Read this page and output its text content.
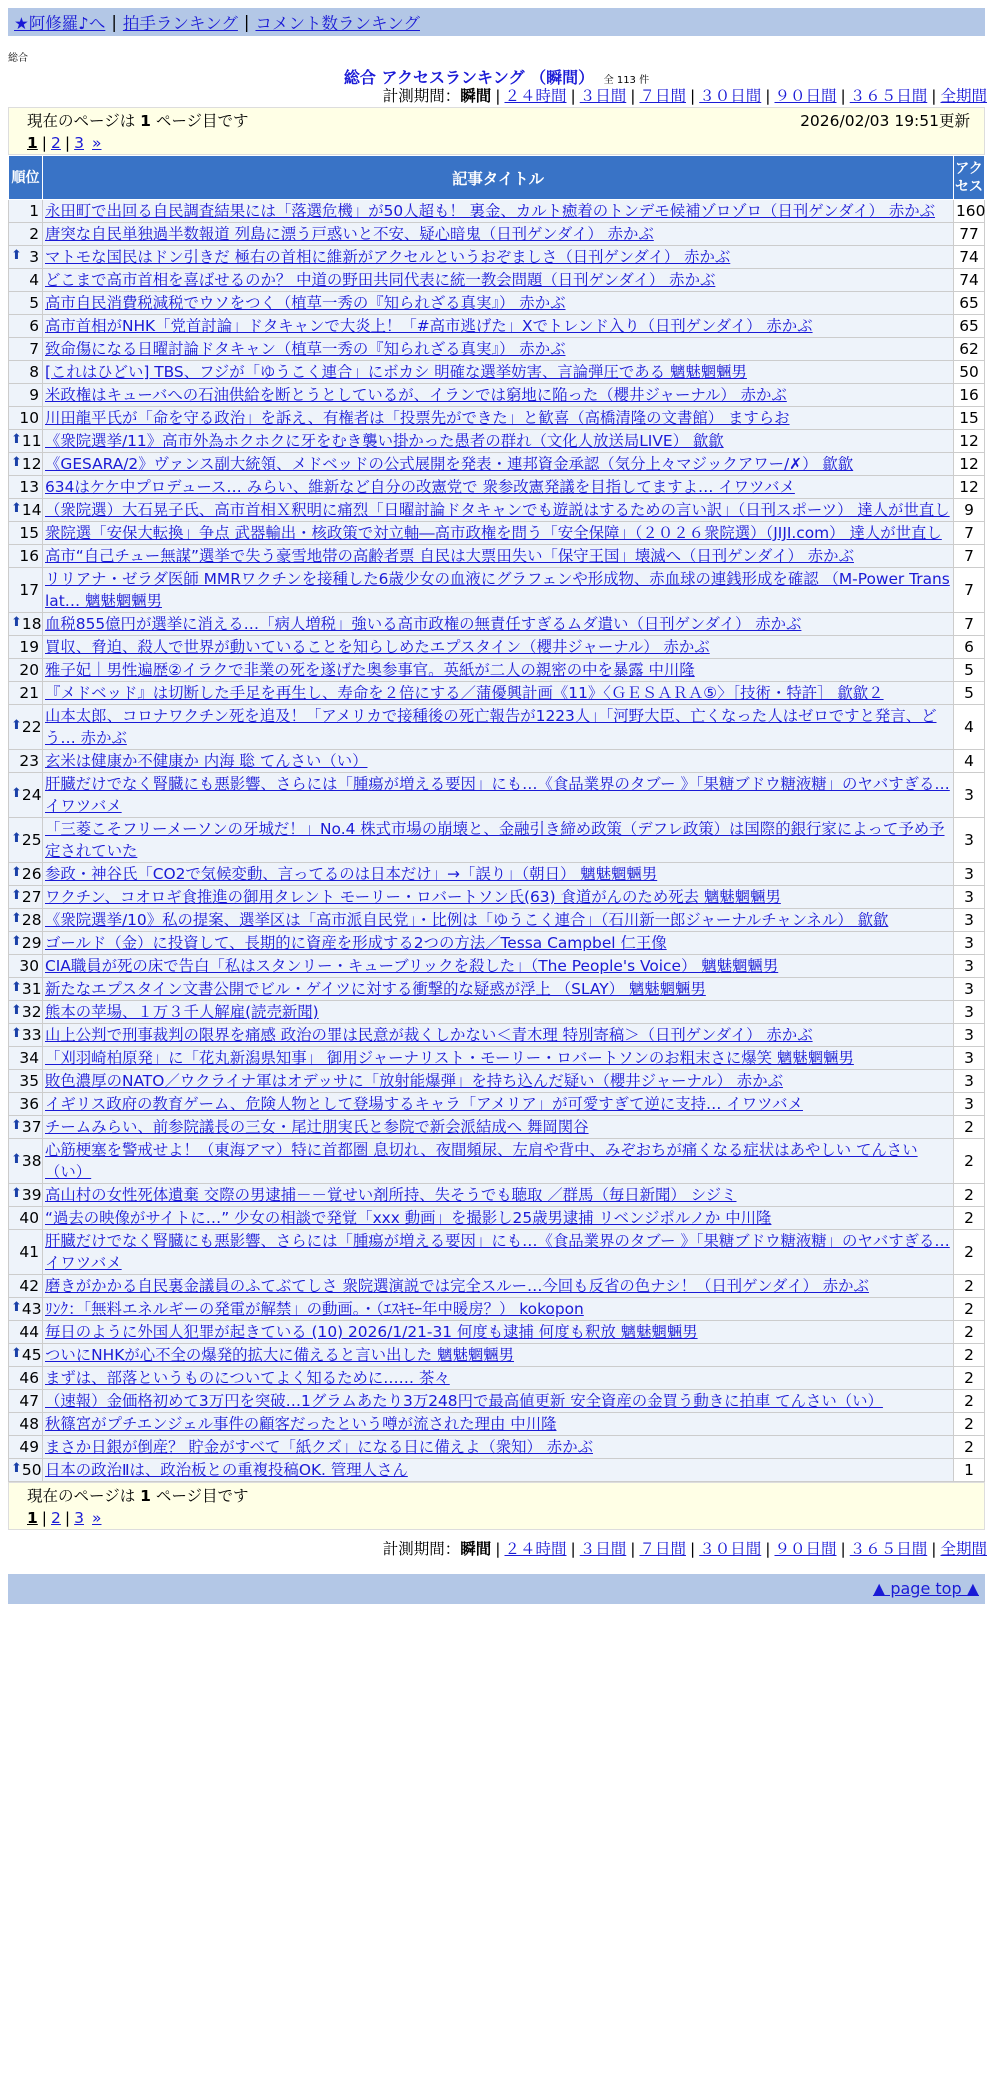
★阿修羅♪へ | 拍手ランキング | コメント数ランキング
総合
総合 アクセスランキング （瞬間） 全 113 件
計測期間：瞬間 | ２４時間 | ３日間 | ７日間 | ３０日間 | ９０日間 | ３６５日間 | 全期間
現在のページは 1 ページ目です	2026/02/03 19:51更新
1 | 2 | 3 »
順位	記事タイトル	アクセス
1	永田町で出回る自民調査結果には「落選危機」が50人超も！ 裏金、カルト癒着のトンデモ候補ゾロゾロ（日刊ゲンダイ） 赤かぶ	160
2	唐突な自民単独過半数報道 列島に漂う戸惑いと不安、疑心暗鬼（日刊ゲンダイ） 赤かぶ	77

⬆ 3	マトモな国民はドン引きだ 極右の首相に維新がアクセルというおぞましさ（日刊ゲンダイ） 赤かぶ	74
4	どこまで高市首相を喜ばせるのか？ 中道の野田共同代表に統一教会問題（日刊ゲンダイ） 赤かぶ	74
5	高市自民消費税減税でウソをつく（植草一秀の『知られざる真実』） 赤かぶ	65
6	高市首相がNHK「党首討論」ドタキャンで大炎上！「#高市逃げた」Xでトレンド入り（日刊ゲンダイ） 赤かぶ	65
7	致命傷になる日曜討論ドタキャン（植草一秀の『知られざる真実』） 赤かぶ	62
8	[これはひどい] TBS、フジが「ゆうこく連合」にボカシ 明確な選挙妨害、言論弾圧である 魑魅魍魎男	50
9	米政権はキューバへの石油供給を断とうとしているが、イランでは窮地に陥った（櫻井ジャーナル） 赤かぶ	16
10	川田龍平氏が「命を守る政治」を訴え、有権者は「投票先ができた」と歓喜（高橋清隆の文書館） ますらお	15

⬆ 11	《衆院選挙/11》高市外為ホクホクに牙をむき襲い掛かった愚者の群れ（文化人放送局LIVE） 歙歙	12

⬆ 12	《GESARA/2》ヴァンス副大統領、メドベッドの公式展開を発表・連邦資金承認（気分上々マジックアワー/✗） 歙歙	12
13	634はケケ中プロデュース… みらい、維新など自分の改憲党で 衆参改憲発議を目指してますよ… イワツバメ	12

⬆ 14	（衆院選）大石晃子氏、高市首相Ｘ釈明に痛烈「日曜討論ドタキャンでも遊説はするための言い訳」（日刊スポーツ） 達人が世直し	9
15	衆院選「安保大転換」争点 武器輸出・核政策で対立軸―高市政権を問う「安全保障」（２０２６衆院選）（JIJI.com） 達人が世直し	7
16	高市“自己チュー無謀”選挙で失う豪雪地帯の高齢者票 自民は大票田失い「保守王国」壊滅へ（日刊ゲンダイ） 赤かぶ	7
17	リリアナ・ゼラダ医師 MMRワクチンを接種した6歳少女の血液にグラフェンや形成物、赤血球の連銭形成を確認 （M-Power Translat… 魑魅魍魎男	7

⬆ 18	血税855億円が選挙に消える…「病人増税」強いる高市政権の無責任すぎるムダ遣い（日刊ゲンダイ） 赤かぶ	7
19	買収、脅迫、殺人で世界が動いていることを知らしめたエプスタイン（櫻井ジャーナル） 赤かぶ	6
20	雅子妃｜男性遍歴②イラクで非業の死を遂げた奥参事官。英紙が二人の親密の中を暴露 中川隆	5
21	『メドベッド』は切断した手足を再生し、寿命を２倍にする／蒲優興計画《11》〈ＧＥＳＡＲＡ⑤〉［技術・特許］ 歙歙２	5

⬆ 22	山本太郎、コロナワクチン死を追及！「アメリカで接種後の死亡報告が1223人」「河野大臣、亡くなった人はゼロですと発言、どう… 赤かぶ	4
23	玄米は健康か不健康か 内海 聡 てんさい（い）	4

⬆ 24	肝臓だけでなく腎臓にも悪影響、さらには「腫瘍が増える要因」にも…《食品業界のタブー 》「果糖ブドウ糖液糖」のヤバすぎる… イワツバメ	3

⬆ 25	「三菱こそフリーメーソンの牙城だ！」No.4 株式市場の崩壊と、金融引き締め政策（デフレ政策）は国際的銀行家によって予め予定されていた	3

⬆ 26	参政・神谷氏「CO2で気候変動、言ってるのは日本だけ」→「誤り」（朝日） 魑魅魍魎男	3

⬆ 27	ワクチン、コオロギ食推進の御用タレント モーリー・ロバートソン氏(63) 食道がんのため死去 魑魅魍魎男	3

⬆ 28	《衆院選挙/10》私の提案、選挙区は「高市派自民党」・比例は「ゆうこく連合」（石川新一郎ジャーナルチャンネル） 歙歙	3

⬆ 29	ゴールド（金）に投資して、長期的に資産を形成する2つの方法／Tessa Campbel 仁王像	3
30	CIA職員が死の床で告白「私はスタンリー・キューブリックを殺した」（The People's Voice） 魑魅魍魎男	3

⬆ 31	新たなエプスタイン文書公開でビル・ゲイツに対する衝撃的な疑惑が浮上 （SLAY） 魑魅魍魎男	3

⬆ 32	熊本の苹場、１万３千人解雇(読売新聞)	3

⬆ 33	山上公判で刑事裁判の限界を痛感 政治の罪は民意が裁くしかない＜青木理 特別寄稿＞（日刊ゲンダイ） 赤かぶ	3
34	「刈羽崎柏原発」に「花丸新潟県知事」 御用ジャーナリスト・モーリー・ロバートソンのお粗末さに爆笑 魑魅魍魎男	3
35	敗色濃厚のNATO／ウクライナ軍はオデッサに「放射能爆弾」を持ち込んだ疑い（櫻井ジャーナル） 赤かぶ	3
36	イギリス政府の教育ゲーム、危険人物として登場するキャラ「アメリア」が可愛すぎて逆に支持… イワツバメ	3

⬆ 37	チームみらい、前参院議長の三女・尾辻朋実氏と参院で新会派結成へ 舞岡関谷	2

⬆ 38	心筋梗塞を警戒せよ！（東海アマ）特に首都圏 息切れ、夜間頻尿、左肩や背中、みぞおちが痛くなる症状はあやしい てんさい（い）	2

⬆ 39	高山村の女性死体遺棄 交際の男逮捕－－覚せい剤所持、失そうでも聴取 ／群馬（毎日新聞） シジミ	2
40	“過去の映像がサイトに…” 少女の相談で発覚「xxx 動画」を撮影し25歳男逮捕 リベンジポルノか 中川隆	2
41	肝臓だけでなく腎臓にも悪影響、さらには「腫瘍が増える要因」にも…《食品業界のタブー 》「果糖ブドウ糖液糖」のヤバすぎる… イワツバメ	2
42	磨きがかかる自民裏金議員のふてぶてしさ 衆院選演説では完全スルー…今回も反省の色ナシ！（日刊ゲンダイ） 赤かぶ	2

⬆ 43	ﾘﾝｸ：「無料エネルギーの発電が解禁」の動画。・（ｴｽｷﾓｰ年中暖房？） kokopon	2
44	毎日のように外国人犯罪が起きている (10) 2026/1/21-31 何度も逮捕 何度も釈放 魑魅魍魎男	2

⬆ 45	ついにNHKが心不全の爆発的拡大に備えると言い出した 魑魅魍魎男	2
46	まずは、部落というものについてよく知るために…… 茶々	2
47	（速報）金価格初めて3万円を突破…1グラムあたり3万248円で最高値更新 安全資産の金買う動きに拍車 てんさい（い）	2
48	秋篠宮がプチエンジェル事件の顧客だったという噂が流された理由 中川隆	2
49	まさか日銀が倒産？ 貯金がすべて「紙クズ」になる日に備えよ（衆知） 赤かぶ	2

⬆ 50	日本の政治Ⅱは、政治板との重複投稿OK. 管理人さん	1
現在のページは 1 ページ目です
1 | 2 | 3 »
計測期間：瞬間 | ２４時間 | ３日間 | ７日間 | ３０日間 | ９０日間 | ３６５日間 | 全期間
▲ page top ▲
